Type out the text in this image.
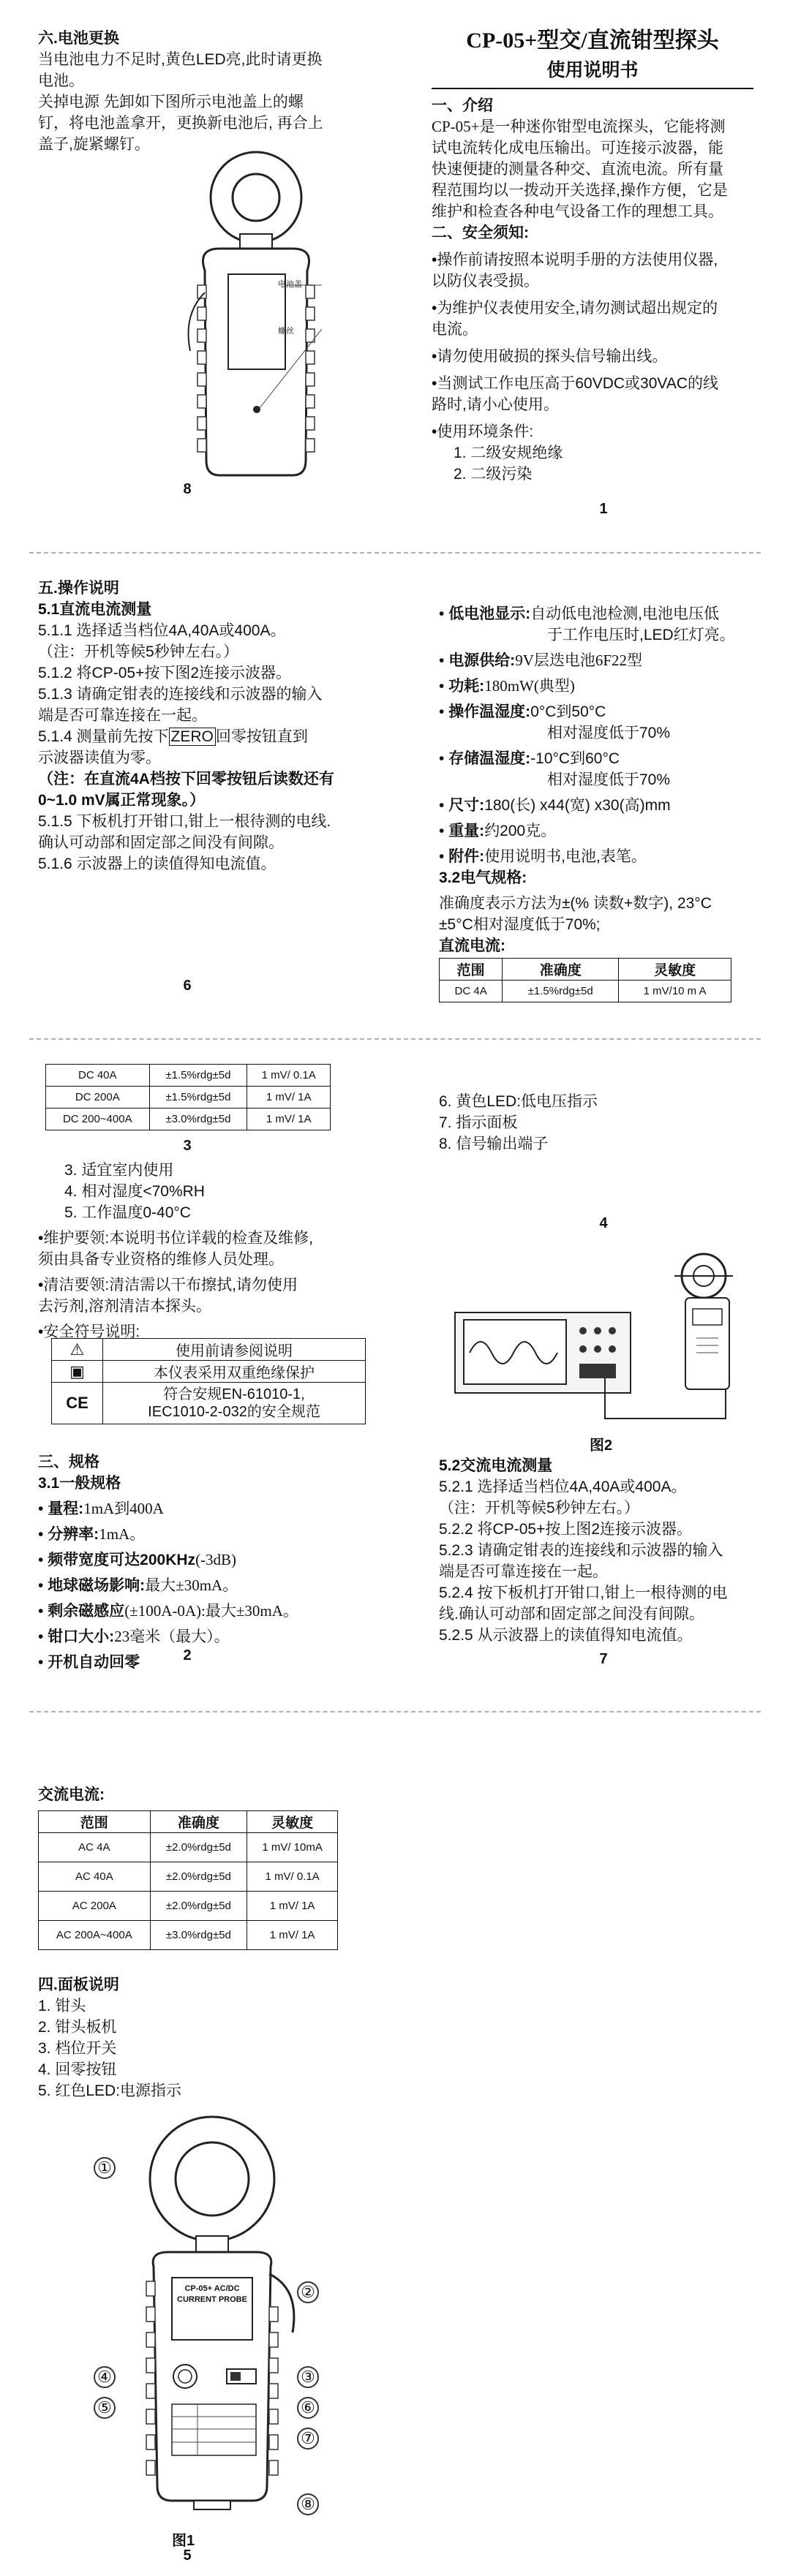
六.电池更换
当电池电力不足时,黄色LED亮,此时请更换
电池。
关掉电源 先卸如下图所示电池盖上的螺
钉，将电池盖拿开，更换新电池后, 再合上
盖子,旋紧螺钉。
电池盖
螺丝
8
CP-05+型交/直流钳型探头
使用说明书
一、介绍
CP-05+是一种迷你钳型电流探头，它能将测
试电流转化成电压输出。可连接示波器，能
快速便捷的测量各种交、直流电流。所有量
程范围均以一拨动开关选择,操作方便，它是
维护和检查各种电气设备工作的理想工具。
二、安全须知:
•操作前请按照本说明手册的方法使用仪器,
以防仪表受损。
•为维护仪表使用安全,请勿测试超出规定的
电流。
•请勿使用破损的探头信号输出线。
•当测试工作电压高于60VDC或30VAC的线
路时,请小心使用。
•使用环境条件:
1. 二级安规绝缘
2. 二级污染
1
五.操作说明
5.1直流电流测量
5.1.1 选择适当档位4A,40A或400A。
（注：开机等候5秒钟左右。）
5.1.2 将CP-05+按下图2连接示波器。
5.1.3 请确定钳表的连接线和示波器的输入
端是否可靠连接在一起。
5.1.4 测量前先按下 ZERO 回零按钮直到
示波器读值为零。
（注：在直流4A档按下回零按钮后读数还有
0~1.0 mV属正常现象。）
5.1.5 下板机打开钳口,钳上一根待测的电线.
确认可动部和固定部之间没有间隙。
5.1.6 示波器上的读值得知电流值。
6
• 低电池显示:自动低电池检测,电池电压低
于工作电压时,LED红灯亮。
• 电源供给:9V层迭电池6F22型
• 功耗:180mW(典型)
• 操作温湿度:0°C到50°C
相对湿度低于70%
• 存储温湿度:-10°C到60°C
相对湿度低于70%
• 尺寸:180(长) x44(宽) x30(高)mm
• 重量:约200克。
• 附件:使用说明书,电池,表笔。
3.2电气规格:
准确度表示方法为±(% 读数+数字), 23°C
±5°C相对湿度低于70%;
直流电流:
范围	准确度	灵敏度
DC 4A	±1.5%rdg±5d	1 mV/10 m A
DC 40A	±1.5%rdg±5d	1 mV/ 0.1A
DC 200A	±1.5%rdg±5d	1 mV/ 1A
DC 200~400A	±3.0%rdg±5d	1 mV/ 1A
3
3. 适宜室内使用
4. 相对湿度<70%RH
5. 工作温度0-40°C
•维护要领:本说明书位详载的检查及维修,
须由具备专业资格的维修人员处理。
•清洁要领:清洁需以干布擦拭,请勿使用
去污剂,溶剂清洁本探头。
•安全符号说明:
⚠	使用前请参阅说明
▣	本仪表采用双重绝缘保护
CE	符合安规EN-61010-1,
IEC1010-2-032的安全规范
三、规格
3.1一般规格
• 量程:1mA到400A
• 分辨率:1mA。
• 频带宽度可达200KHz(-3dB)
• 地球磁场影响:最大±30mA。
• 剩余磁感应(±100A-0A):最大±30mA。
• 钳口大小:23毫米（最大）。
• 开机自动回零	2
6. 黄色LED:低电压指示
7. 指示面板
8. 信号输出端子
4
图2
5.2交流电流测量
5.2.1 选择适当档位4A,40A或400A。
（注：开机等候5秒钟左右。）
5.2.2 将CP-05+按上图2连接示波器。
5.2.3 请确定钳表的连接线和示波器的输入
端是否可靠连接在一起。
5.2.4 按下板机打开钳口,钳上一根待测的电
线.确认可动部和固定部之间没有间隙。
5.2.5 从示波器上的读值得知电流值。
7
交流电流:
范围	准确度	灵敏度
AC 4A	±2.0%rdg±5d	1 mV/ 10mA
AC 40A	±2.0%rdg±5d	1 mV/ 0.1A
AC 200A	±2.0%rdg±5d	1 mV/ 1A
AC 200A~400A	±3.0%rdg±5d	1 mV/ 1A
四.面板说明
1. 钳头
2. 钳头板机
3. 档位开关
4. 回零按钮
5. 红色LED:电源指示
CP-05+ AC/DC
CURRENT PROBE
①
②
③
④
⑤	⑥
⑦
⑧
图1
5
